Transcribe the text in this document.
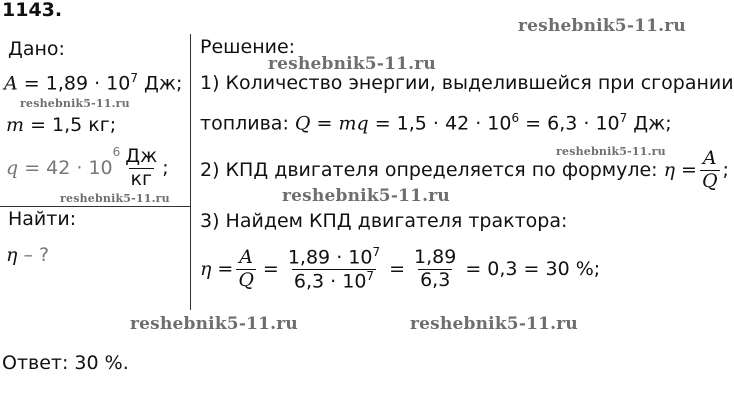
1143.
Дано:
$A = 1,89 \cdot 10^7$ Дж;
m = 1,5 кг;
q
= 42 · 10
$6 \frac{Дж}{кг}$ ;
Найти:
η – ?
Решение:
1) Количество энергии, выделившейся при сгорании
топлива: Q = mq = $1,5 \cdot 42 \cdot 10^6 = 6,3 \cdot 10^7$ Дж;
2) КПД двигателя определяется по формуле:
$\eta = \frac{A}{Q}$ ;
3) Найдем КПД двигателя трактора:
$\eta = \frac{A}{Q} = \frac{1,89 \cdot 10^7}{6,3 \cdot 10^7} = \frac{1,89}{6,3} = 0,3 = 30$ %;
Ответ: 30 %.
reshebnik5-11.ru
reshebnik5-11.ru
reshebnik5-11.ru
reshebnik5-11.ru
reshebnik5-11.ru
reshebnik5-11.ru
reshebnik5-11.ru	reshebnik5-11.ru
